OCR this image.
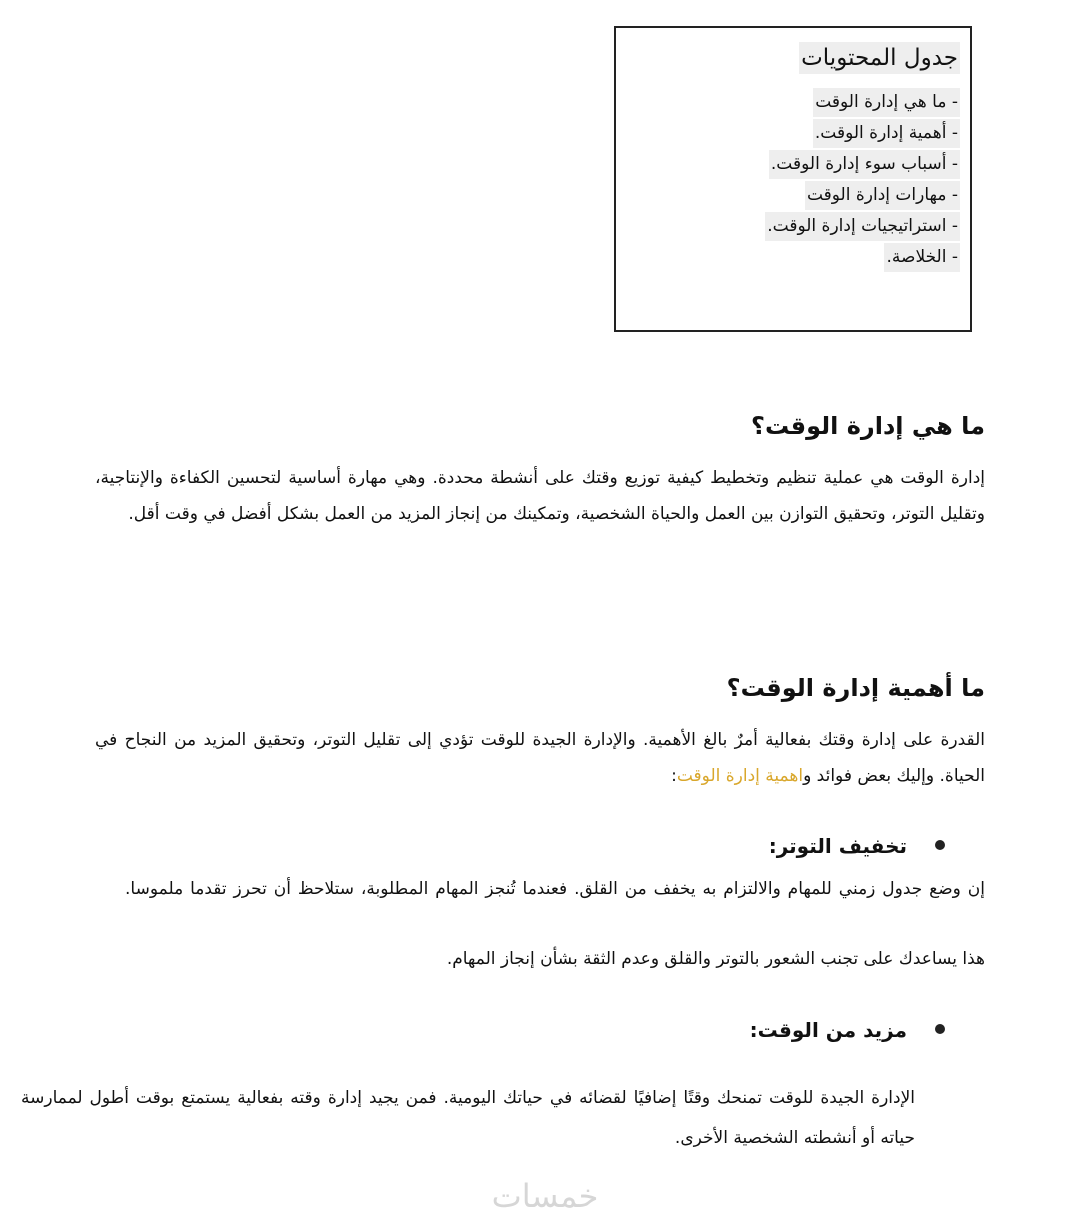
جدول المحتويات
- ما هي إدارة الوقت
- أهمية إدارة الوقت.
- أسباب سوء إدارة الوقت.
- مهارات إدارة الوقت
- استراتيجيات إدارة الوقت.
- الخلاصة.
ما هي إدارة الوقت؟

إدارة الوقت هي عملية تنظيم وتخطيط كيفية توزيع وقتك على أنشطة محددة. وهي مهارة أساسية لتحسين الكفاءة والإنتاجية، وتقليل التوتر، وتحقيق التوازن بين العمل والحياة الشخصية، وتمكينك من إنجاز المزيد من العمل بشكل أفضل في وقت أقل.

ما أهمية إدارة الوقت؟

القدرة على إدارة وقتك بفعالية أمرٌ بالغ الأهمية. والإدارة الجيدة للوقت تؤدي إلى تقليل التوتر، وتحقيق المزيد من النجاح في الحياة. وإليك بعض فوائد واهمية إدارة الوقت:

تخفيف التوتر:

إن وضع جدول زمني للمهام والالتزام به يخفف من القلق. فعندما تُنجز المهام المطلوبة، ستلاحظ أن تحرز تقدما ملموسا. هذا يساعدك على تجنب الشعور بالتوتر والقلق وعدم الثقة بشأن إنجاز المهام.

مزيد من الوقت:

الإدارة الجيدة للوقت تمنحك وقتًا إضافيًا لقضائه في حياتك اليومية. فمن يجيد إدارة وقته بفعالية يستمتع بوقت أطول لممارسة حياته أو أنشطته الشخصية الأخرى.

خمسات
